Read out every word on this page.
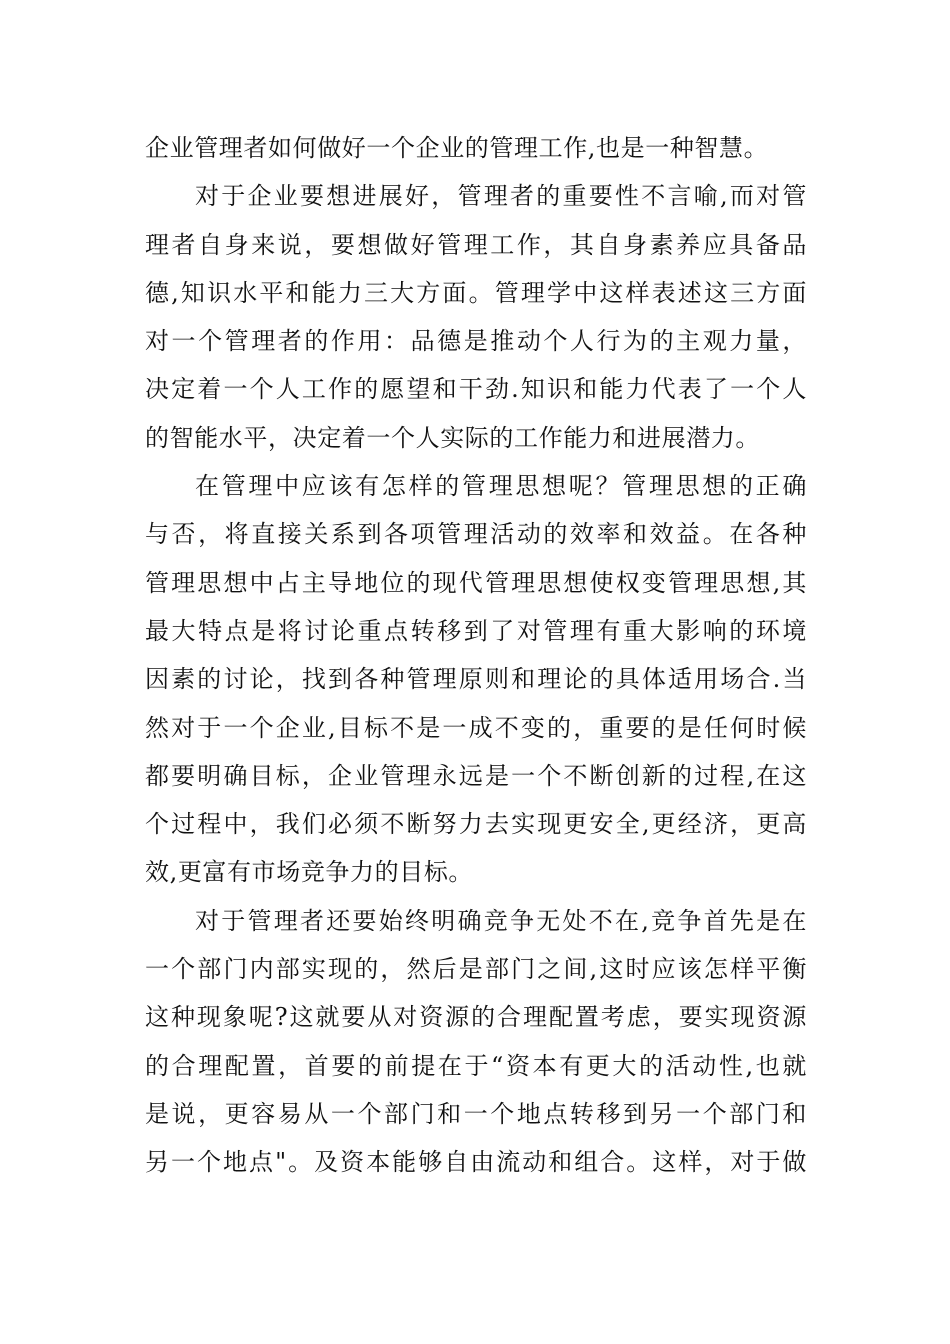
企业管理者如何做好一个企业的管理工作,也是一种智慧。
对于企业要想进展好，管理者的重要性不言喻,而对管
理者自身来说，要想做好管理工作，其自身素养应具备品
德,知识水平和能力三大方面。管理学中这样表述这三方面
对一个管理者的作用：品德是推动个人行为的主观力量，
决定着一个人工作的愿望和干劲.知识和能力代表了一个人
的智能水平，决定着一个人实际的工作能力和进展潜力。
在管理中应该有怎样的管理思想呢？管理思想的正确
与否，将直接关系到各项管理活动的效率和效益。在各种
管理思想中占主导地位的现代管理思想使权变管理思想,其
最大特点是将讨论重点转移到了对管理有重大影响的环境
因素的讨论，找到各种管理原则和理论的具体适用场合.当
然对于一个企业,目标不是一成不变的，重要的是任何时候
都要明确目标，企业管理永远是一个不断创新的过程,在这
个过程中，我们必须不断努力去实现更安全,更经济，更高
效,更富有市场竞争力的目标。
对于管理者还要始终明确竞争无处不在,竞争首先是在
一个部门内部实现的，然后是部门之间,这时应该怎样平衡
这种现象呢?这就要从对资源的合理配置考虑，要实现资源
的合理配置，首要的前提在于“资本有更大的活动性,也就
是说，更容易从一个部门和一个地点转移到另一个部门和
另一个地点"。及资本能够自由流动和组合。这样，对于做
